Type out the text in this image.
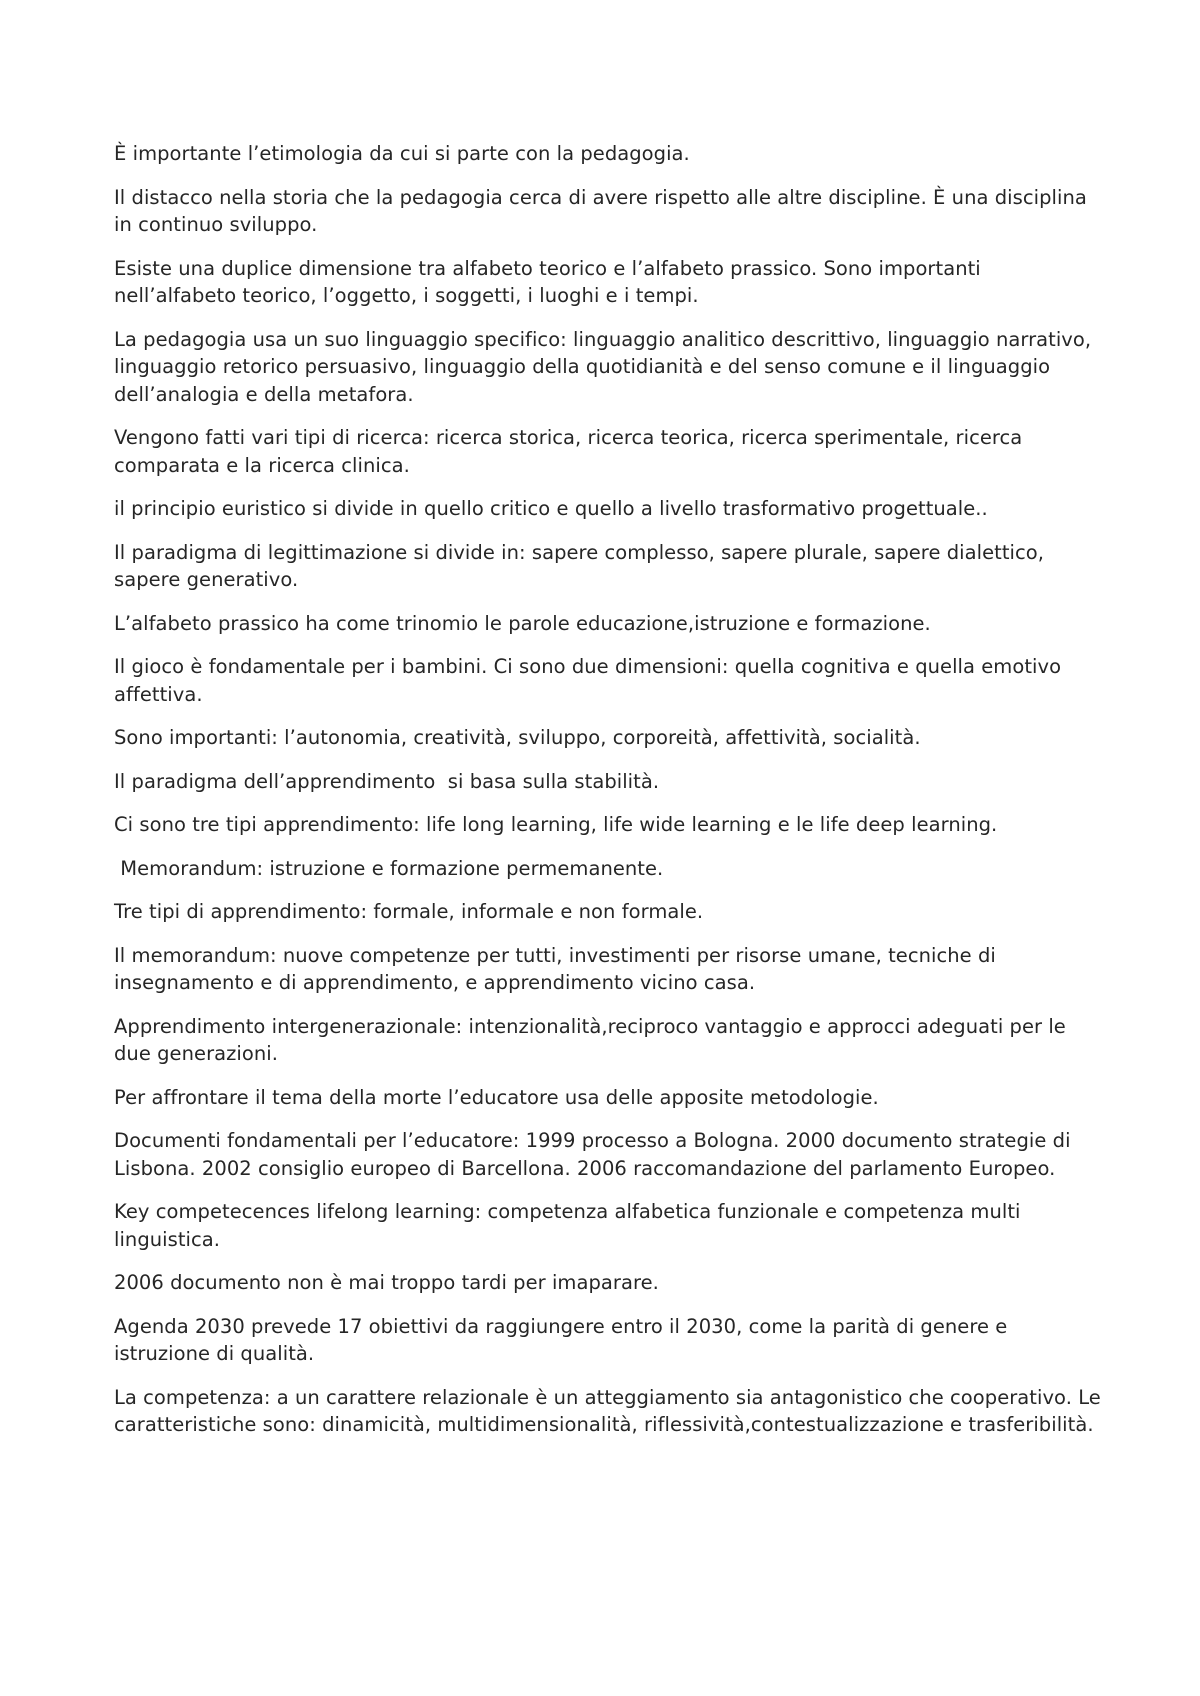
È importante l’etimologia da cui si parte con la pedagogia.

Il distacco nella storia che la pedagogia cerca di avere rispetto alle altre discipline. È una disciplina in continuo sviluppo.

Esiste una duplice dimensione tra alfabeto teorico e l’alfabeto prassico. Sono importanti nell’alfabeto teorico, l’oggetto, i soggetti, i luoghi e i tempi.

La pedagogia usa un suo linguaggio specifico: linguaggio analitico descrittivo, linguaggio narrativo, linguaggio retorico persuasivo, linguaggio della quotidianità e del senso comune e il linguaggio dell’analogia e della metafora.

Vengono fatti vari tipi di ricerca: ricerca storica, ricerca teorica, ricerca sperimentale, ricerca comparata e la ricerca clinica.

il principio euristico si divide in quello critico e quello a livello trasformativo progettuale..

Il paradigma di legittimazione si divide in: sapere complesso, sapere plurale, sapere dialettico, sapere generativo.

L’alfabeto prassico ha come trinomio le parole educazione,istruzione e formazione.

Il gioco è fondamentale per i bambini. Ci sono due dimensioni: quella cognitiva e quella emotivo affettiva.

Sono importanti: l’autonomia, creatività, sviluppo, corporeità, affettività, socialità.

Il paradigma dell’apprendimento  si basa sulla stabilità.

Ci sono tre tipi apprendimento: life long learning, life wide learning e le life deep learning.

Memorandum: istruzione e formazione permemanente.

Tre tipi di apprendimento: formale, informale e non formale.

Il memorandum: nuove competenze per tutti, investimenti per risorse umane, tecniche di insegnamento e di apprendimento, e apprendimento vicino casa.

Apprendimento intergenerazionale: intenzionalità,reciproco vantaggio e approcci adeguati per le due generazioni.

Per affrontare il tema della morte l’educatore usa delle apposite metodologie.

Documenti fondamentali per l’educatore: 1999 processo a Bologna. 2000 documento strategie di Lisbona. 2002 consiglio europeo di Barcellona. 2006 raccomandazione del parlamento Europeo.

Key competecences lifelong learning: competenza alfabetica funzionale e competenza multi linguistica.

2006 documento non è mai troppo tardi per imaparare.

Agenda 2030 prevede 17 obiettivi da raggiungere entro il 2030, come la parità di genere e istruzione di qualità.

La competenza: a un carattere relazionale è un atteggiamento sia antagonistico che cooperativo. Le caratteristiche sono: dinamicità, multidimensionalità, riflessività,contestualizzazione e trasferibilità.
